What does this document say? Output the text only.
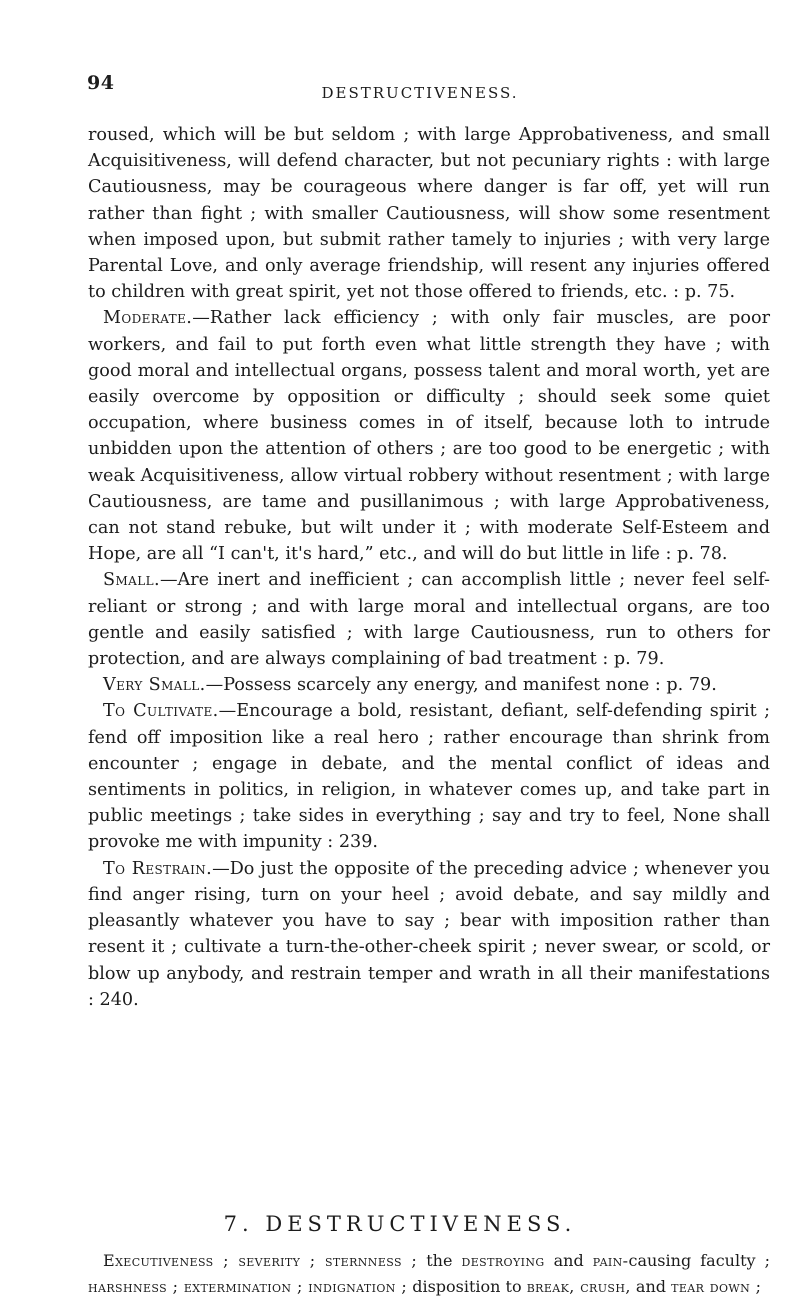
94	DESTRUCTIVENESS.

roused, which will be but seldom ; with large Approbativeness, and small Acquisitiveness, will defend character, but not pecuniary rights : with large Cautiousness, may be courageous where danger is far off, yet will run rather than fight ; with smaller Cautiousness, will show some resentment when imposed upon, but submit rather tamely to injuries ; with very large Parental Love, and only average friendship, will resent any injuries offered to children with great spirit, yet not those offered to friends, etc. : p. 75.

Moderate.—Rather lack efficiency ; with only fair muscles, are poor workers, and fail to put forth even what little strength they have ; with good moral and intellectual organs, possess talent and moral worth, yet are easily overcome by opposition or difficulty ; should seek some quiet occupation, where business comes in of itself, because loth to intrude unbidden upon the attention of others ; are too good to be energetic ; with weak Acquisitiveness, allow virtual robbery without resentment ; with large Cautiousness, are tame and pusillanimous ; with large Approbativeness, can not stand rebuke, but wilt under it ; with moderate Self-Esteem and Hope, are all “I can't, it's hard,” etc., and will do but little in life : p. 78.

Small.—Are inert and inefficient ; can accomplish little ; never feel self-reliant or strong ; and with large moral and intellectual organs, are too gentle and easily satisfied ; with large Cautiousness, run to others for protection, and are always complaining of bad treatment : p. 79.

Very Small.—Possess scarcely any energy, and manifest none : p. 79.

To Cultivate.—Encourage a bold, resistant, defiant, self-defending spirit ; fend off imposition like a real hero ; rather encourage than shrink from encounter ; engage in debate, and the mental conflict of ideas and sentiments in politics, in religion, in whatever comes up, and take part in public meetings ; take sides in everything ; say and try to feel, None shall provoke me with impunity : 239.

To Restrain.—Do just the opposite of the preceding advice ; whenever you find anger rising, turn on your heel ; avoid debate, and say mildly and pleasantly whatever you have to say ; bear with imposition rather than resent it ; cultivate a turn-the-other-cheek spirit ; never swear, or scold, or blow up anybody, and restrain temper and wrath in all their manifestations : 240.

7. DESTRUCTIVENESS.

Executiveness ; severity ; sternness ; the destroying and pain-causing faculty ; harshness ; extermination ; indignation ; disposition to break, crush, and tear down ;
